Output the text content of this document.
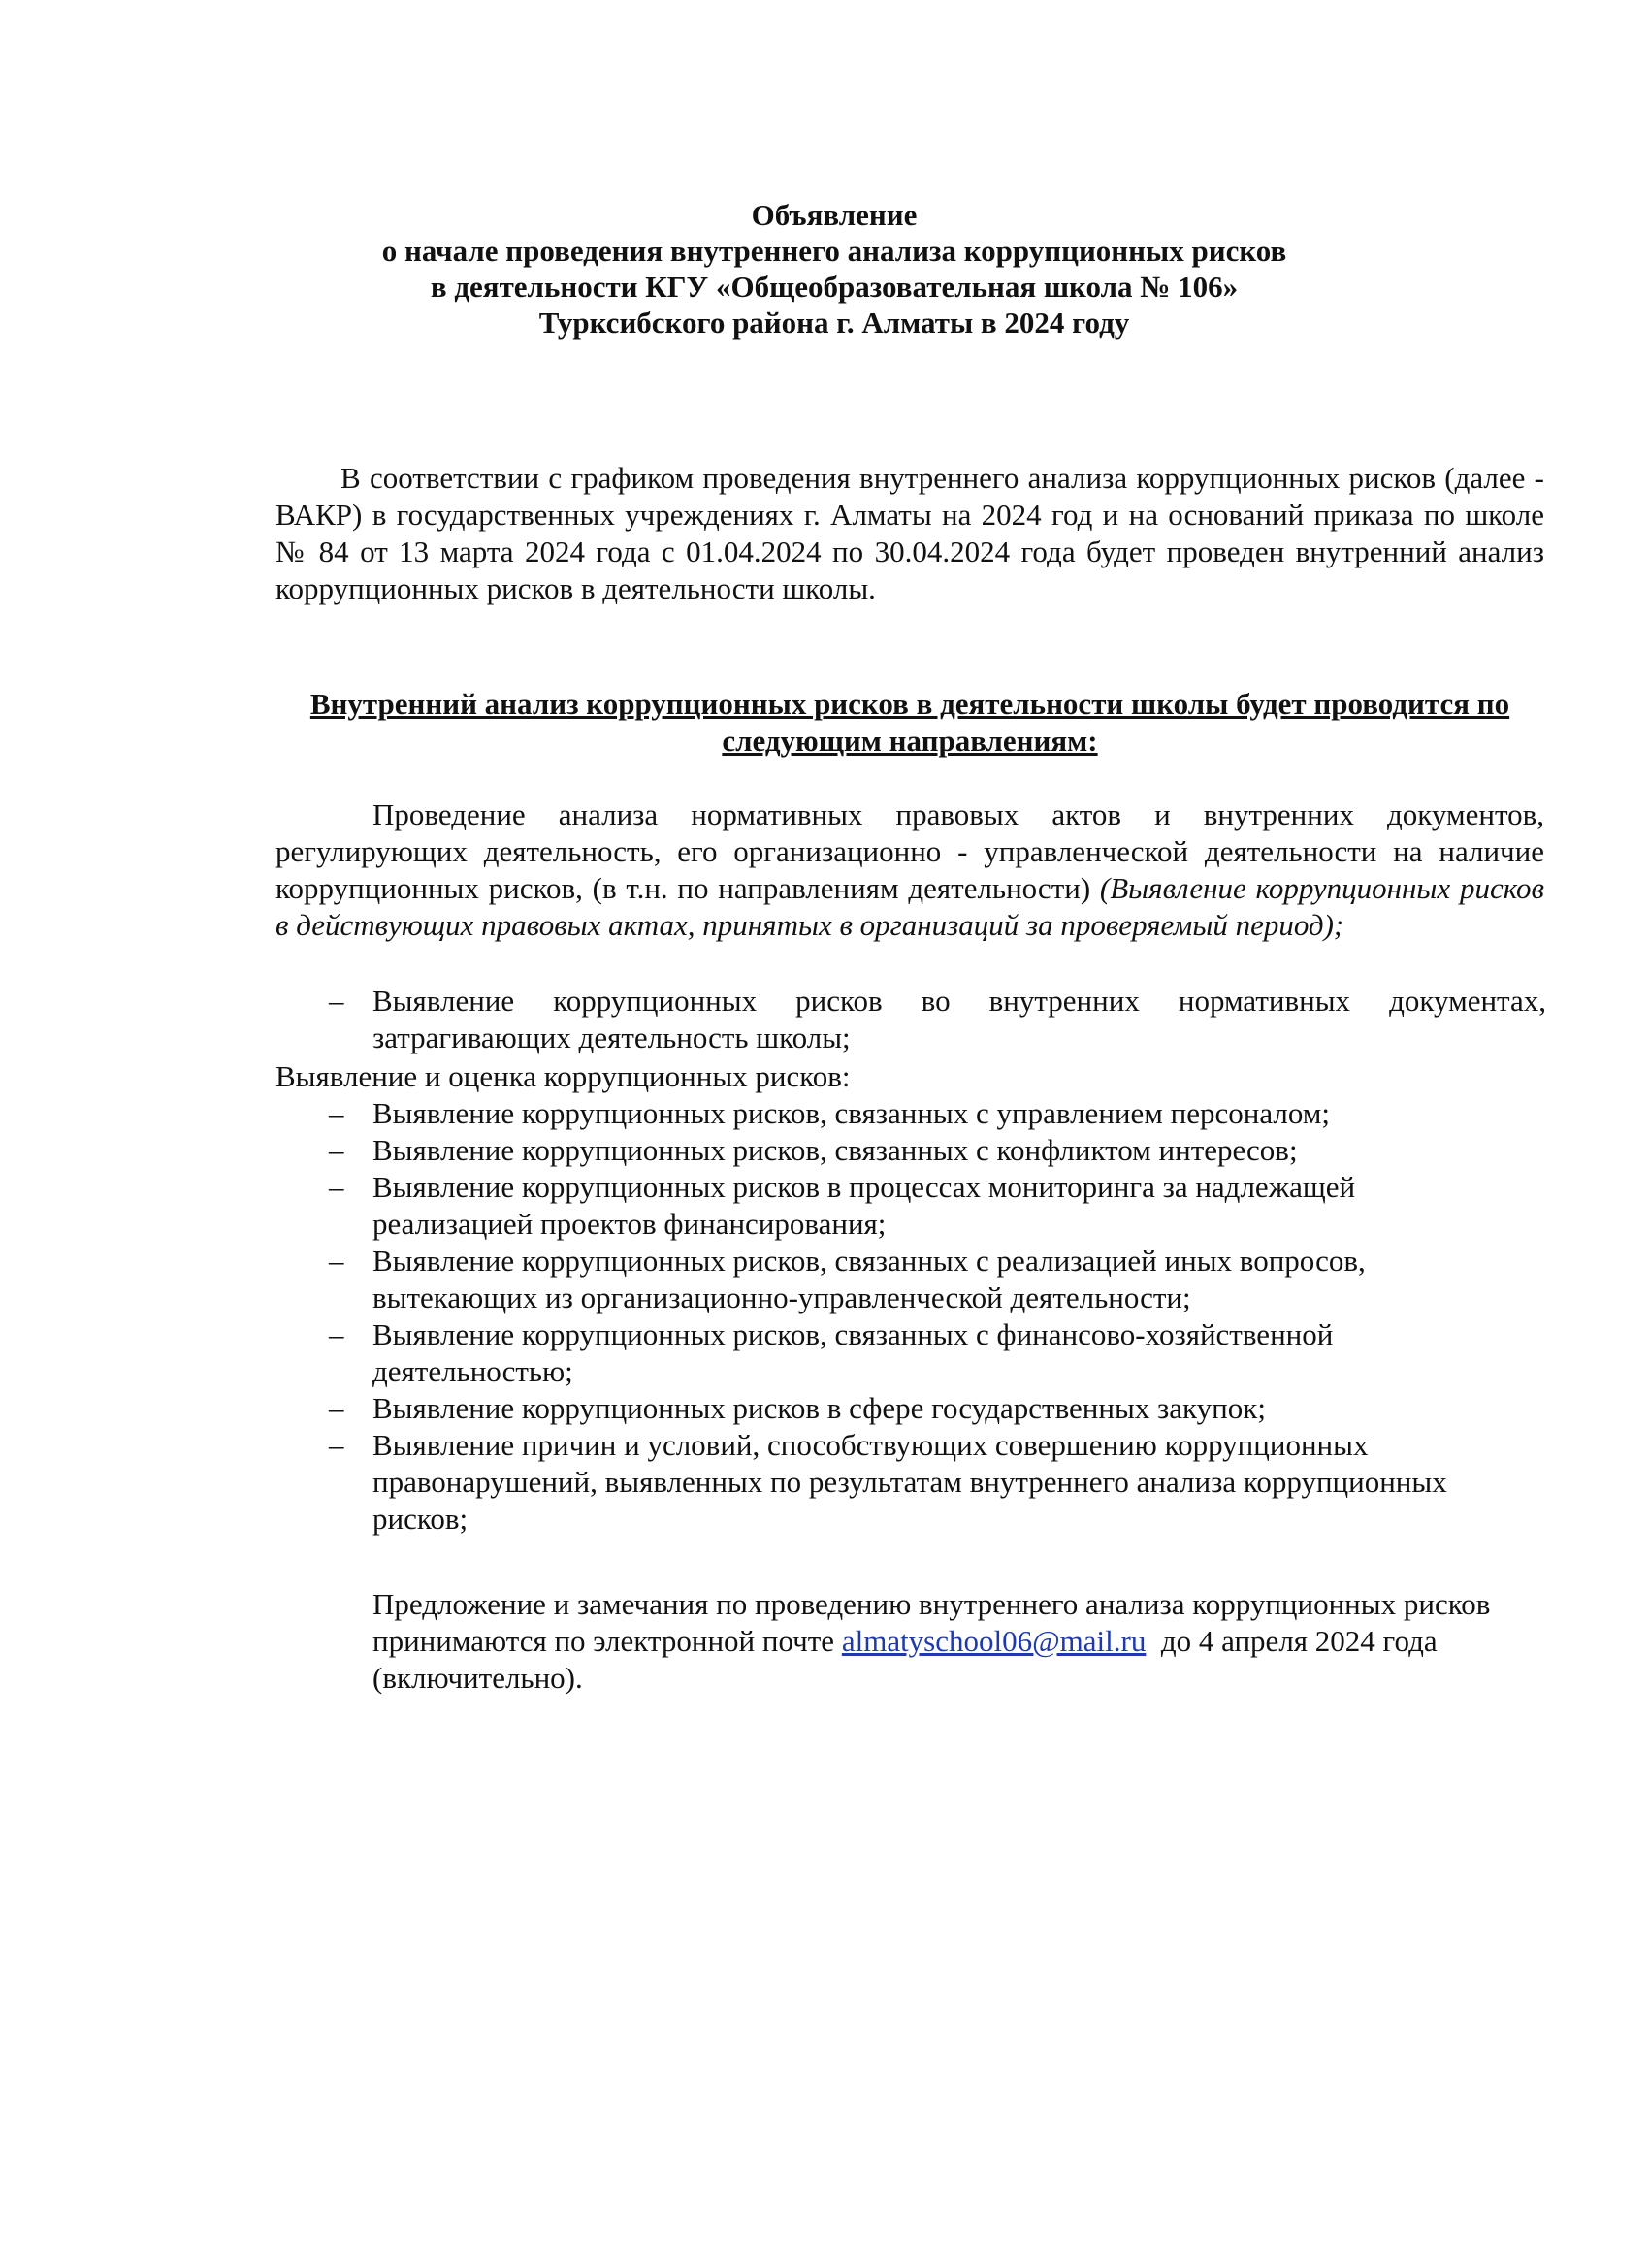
Объявление
о начале проведения внутреннего анализа коррупционных рисков
в деятельности КГУ «Общеобразовательная школа № 106»
Турксибского района г. Алматы в 2024 году

В соответствии с графиком проведения внутреннего анализа коррупционных рисков (далее - ВАКР) в государственных учреждениях г. Алматы на 2024 год и на оснований приказа по школе № 84 от 13 марта 2024 года с 01.04.2024 по 30.04.2024 года будет проведен внутренний анализ коррупционных рисков в деятельности школы.

Внутренний анализ коррупционных рисков в деятельности школы будет проводится по следующим направлениям:

Проведение анализа нормативных правовых актов и внутренних документов, регулирующих деятельность, его организационно - управленческой деятельности на наличие коррупционных рисков, (в т.н. по направлениям деятельности) (Выявление коррупционных рисков в действующих правовых актах, принятых в организаций за проверяемый период);

– Выявление коррупционных рисков во внутренних нормативных документах, затрагивающих деятельность школы;
Выявление и оценка коррупционных рисков:
– Выявление коррупционных рисков, связанных с управлением персоналом;
– Выявление коррупционных рисков, связанных с конфликтом интересов;
– Выявление коррупционных рисков в процессах мониторинга за надлежащей реализацией проектов финансирования;
– Выявление коррупционных рисков, связанных с реализацией иных вопросов, вытекающих из организационно-управленческой деятельности;
– Выявление коррупционных рисков, связанных с финансово-хозяйственной деятельностью;
– Выявление коррупционных рисков в сфере государственных закупок;
– Выявление причин и условий, способствующих совершению коррупционных правонарушений, выявленных по результатам внутреннего анализа коррупционных рисков;

Предложение и замечания по проведению внутреннего анализа коррупционных рисков принимаются по электронной почте almatyschool06@mail.ru  до 4 апреля 2024 года (включительно).
